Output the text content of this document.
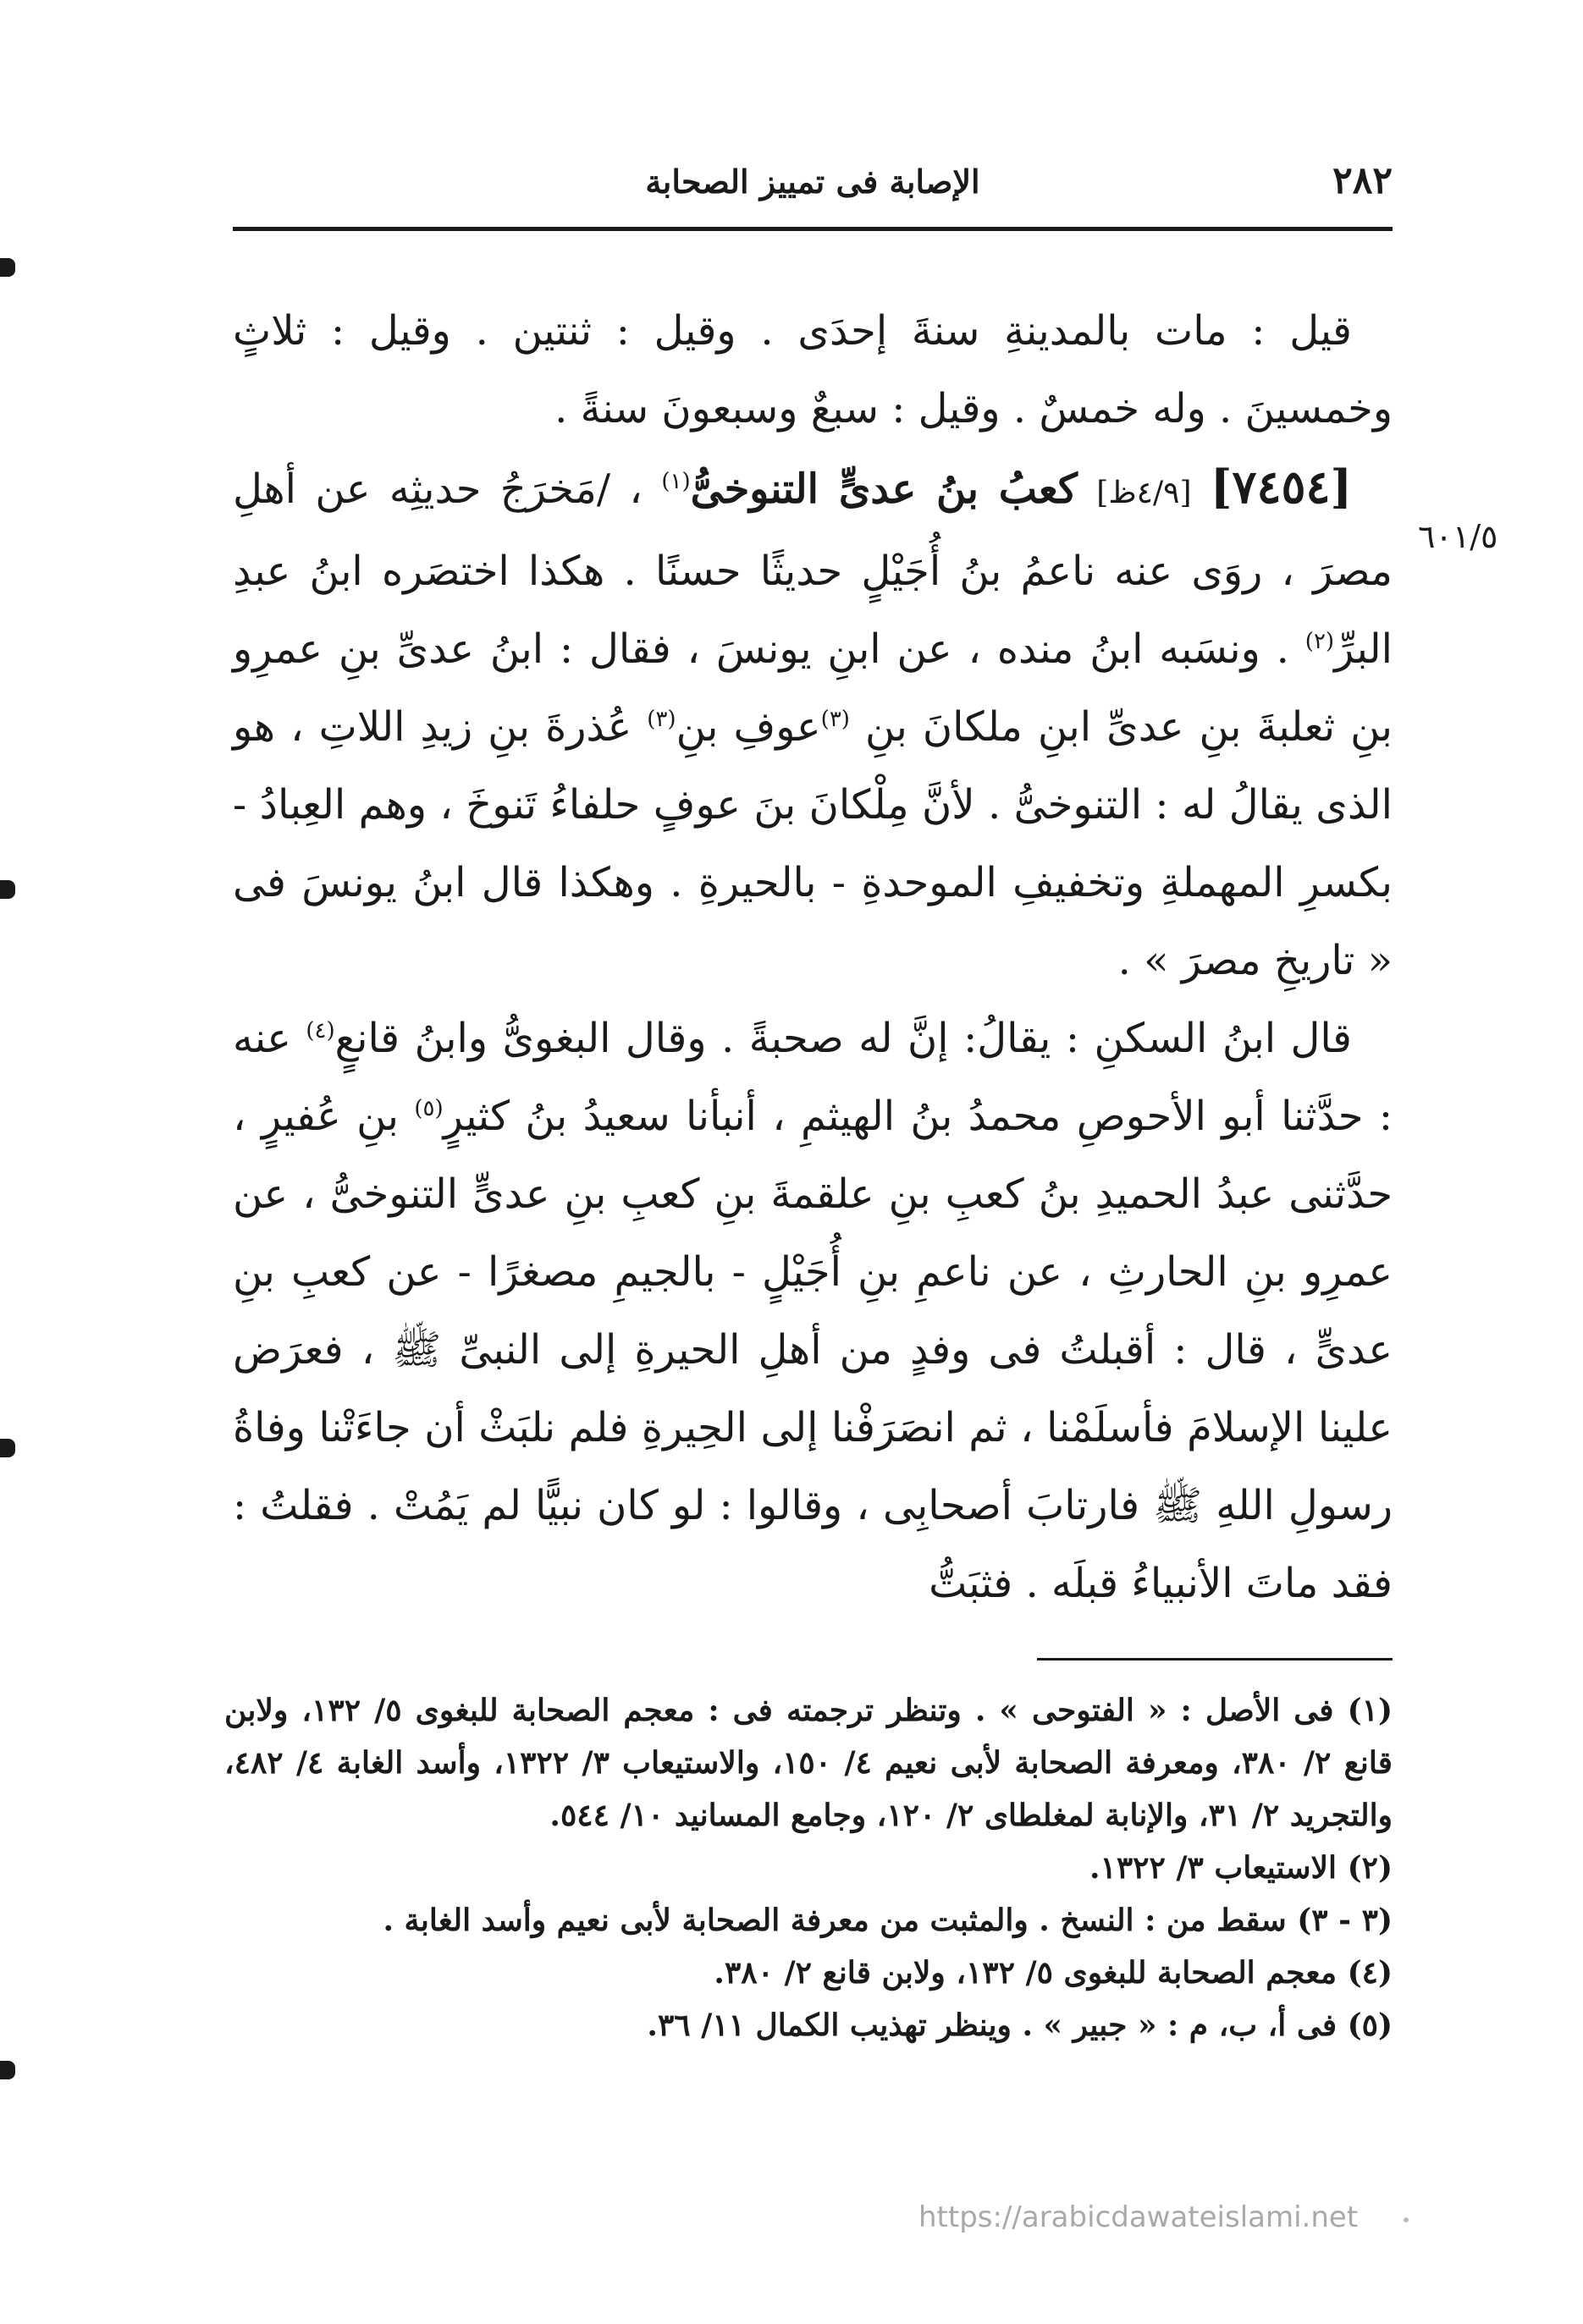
٢٨٢
الإصابة فى تمييز الصحابة
٦٠١/٥

قيل : مات بالمدينةِ سنةَ إحدَى . وقيل : ثنتين . وقيل : ثلاثٍ وخمسينَ . وله خمسٌ . وقيل : سبعٌ وسبعونَ سنةً .

[٧٤٥٤] [٤/٩ظ] كعبُ بنُ عدىٍّ التنوخىُّ$^{(١)}$ ، /مَخرَجُ حديثِه عن أهلِ مصرَ ، روَى عنه ناعمُ بنُ أُجَيْلٍ حديثًا حسنًا . هكذا اختصَره ابنُ عبدِ البرِّ$^{(٢)}$ . ونسَبه ابنُ منده ، عن ابنِ يونسَ ، فقال : ابنُ عدىِّ بنِ عمرِو بنِ ثعلبةَ بنِ عدىِّ ابنِ ملكانَ بنِ $^{(٣)}$عوفِ بنِ$^{(٣)}$ عُذرةَ بنِ زيدِ اللاتِ ، هو الذى يقالُ له : التنوخىُّ . لأنَّ مِلْكانَ بنَ عوفٍ حلفاءُ تَنوخَ ، وهم العِبادُ - بكسرِ المهملةِ وتخفيفِ الموحدةِ - بالحيرةِ . وهكذا قال ابنُ يونسَ فى « تاريخِ مصرَ » .

قال ابنُ السكنِ : يقالُ: إنَّ له صحبةً . وقال البغوىُّ وابنُ قانعٍ$^{(٤)}$ عنه : حدَّثنا أبو الأحوصِ محمدُ بنُ الهيثمِ ، أنبأنا سعيدُ بنُ كثيرٍ$^{(٥)}$ بنِ عُفيرٍ ، حدَّثنى عبدُ الحميدِ بنُ كعبِ بنِ علقمةَ بنِ كعبِ بنِ عدىٍّ التنوخىُّ ، عن عمرِو بنِ الحارثِ ، عن ناعمِ بنِ أُجَيْلٍ - بالجيمِ مصغرًا - عن كعبِ بنِ عدىٍّ ، قال : أقبلتُ فى وفدٍ من أهلِ الحيرةِ إلى النبىِّ ﷺ ، فعرَض علينا الإسلامَ فأسلَمْنا ، ثم انصَرَفْنا إلى الحِيرةِ فلم نلبَثْ أن جاءَتْنا وفاةُ رسولِ اللهِ ﷺ فارتابَ أصحابِى ، وقالوا : لو كان نبيًّا لم يَمُتْ . فقلتُ : فقد ماتَ الأنبياءُ قبلَه . فثبَتُّ

(١) فى الأصل : « الفتوحى » . وتنظر ترجمته فى : معجم الصحابة للبغوى ٥/ ١٣٢، ولابن قانع ٢/ ٣٨٠، ومعرفة الصحابة لأبى نعيم ٤/ ١٥٠، والاستيعاب ٣/ ١٣٢٢، وأسد الغابة ٤/ ٤٨٢، والتجريد ٢/ ٣١، والإنابة لمغلطاى ٢/ ١٢٠، وجامع المسانيد ١٠/ ٥٤٤.

(٢) الاستيعاب ٣/ ١٣٢٢.

(٣ - ٣) سقط من : النسخ . والمثبت من معرفة الصحابة لأبى نعيم وأسد الغابة .

(٤) معجم الصحابة للبغوى ٥/ ١٣٢، ولابن قانع ٢/ ٣٨٠.

(٥) فى أ، ب، م : « جبير » . وينظر تهذيب الكمال ١١/ ٣٦.

https://arabicdawateislami.net
